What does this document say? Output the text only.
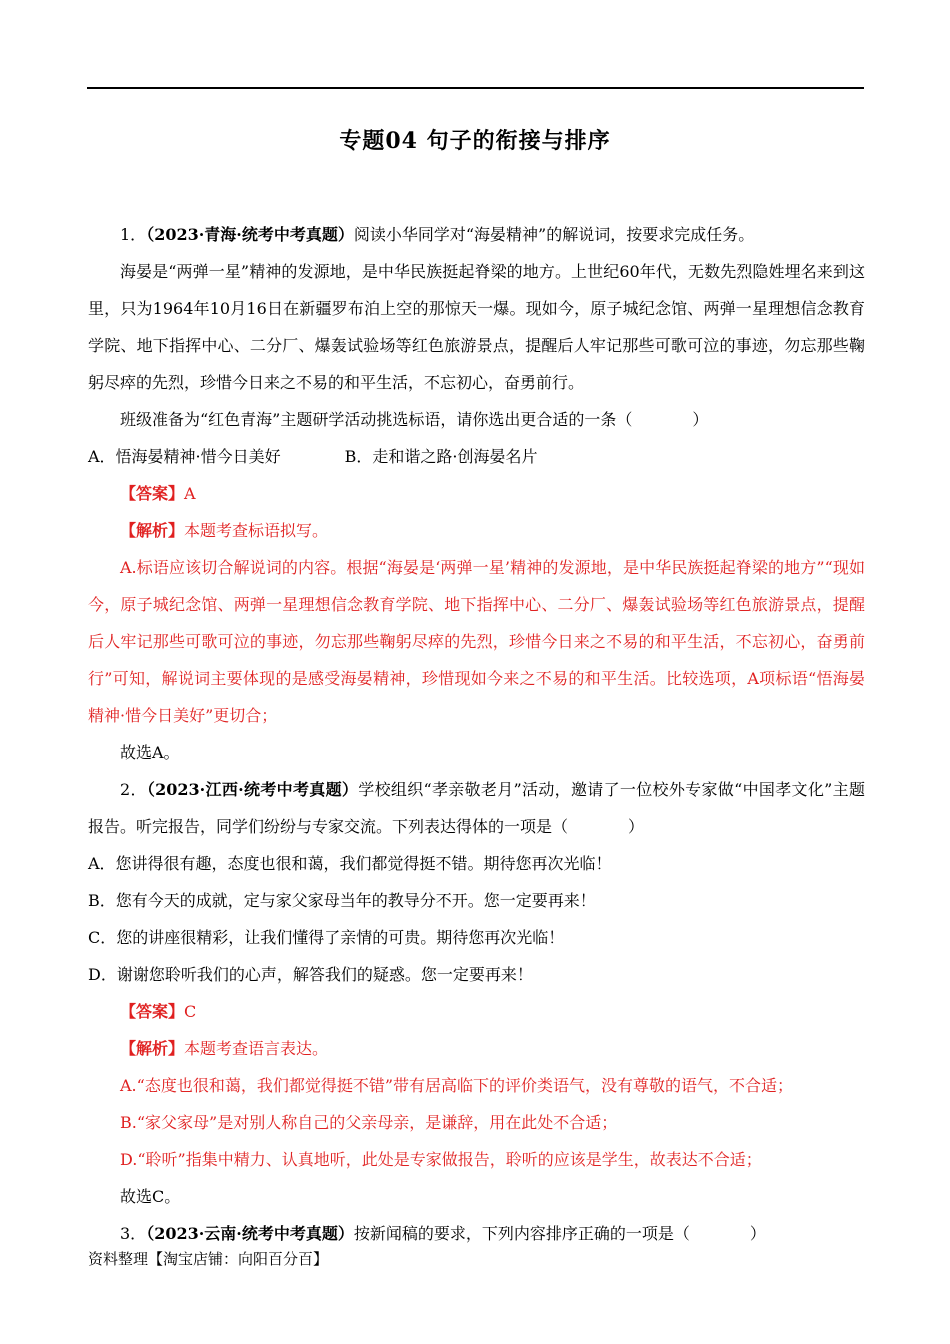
专题04 句子的衔接与排序

1．（2023·青海·统考中考真题）阅读小华同学对“海晏精神”的解说词，按要求完成任务。

海晏是“两弹一星”精神的发源地，是中华民族挺起脊梁的地方。上世纪60年代，无数先烈隐姓埋名来到这里，只为1964年10月16日在新疆罗布泊上空的那惊天一爆。现如今，原子城纪念馆、两弹一星理想信念教育学院、地下指挥中心、二分厂、爆轰试验场等红色旅游景点，提醒后人牢记那些可歌可泣的事迹，勿忘那些鞠躬尽瘁的先烈，珍惜今日来之不易的和平生活，不忘初心，奋勇前行。

班级准备为“红色青海”主题研学活动挑选标语，请你选出更合适的一条（	）

A．悟海晏精神·惜今日美好	B．走和谐之路·创海晏名片

【答案】A

【解析】本题考查标语拟写。

A.标语应该切合解说词的内容。根据“海晏是‘两弹一星’精神的发源地，是中华民族挺起脊梁的地方”“现如今，原子城纪念馆、两弹一星理想信念教育学院、地下指挥中心、二分厂、爆轰试验场等红色旅游景点，提醒后人牢记那些可歌可泣的事迹，勿忘那些鞠躬尽瘁的先烈，珍惜今日来之不易的和平生活，不忘初心，奋勇前行”可知，解说词主要体现的是感受海晏精神，珍惜现如今来之不易的和平生活。比较选项，A项标语“悟海晏精神·惜今日美好”更切合；

故选A。

2．（2023·江西·统考中考真题）学校组织“孝亲敬老月”活动，邀请了一位校外专家做“中国孝文化”主题报告。听完报告，同学们纷纷与专家交流。下列表达得体的一项是（	）

A．您讲得很有趣，态度也很和蔼，我们都觉得挺不错。期待您再次光临！

B．您有今天的成就，定与家父家母当年的教导分不开。您一定要再来！

C．您的讲座很精彩，让我们懂得了亲情的可贵。期待您再次光临！

D．谢谢您聆听我们的心声，解答我们的疑惑。您一定要再来！

【答案】C

【解析】本题考查语言表达。

A.“态度也很和蔼，我们都觉得挺不错”带有居高临下的评价类语气，没有尊敬的语气，不合适；

B.“家父家母”是对别人称自己的父亲母亲，是谦辞，用在此处不合适；

D.“聆听”指集中精力、认真地听，此处是专家做报告，聆听的应该是学生，故表达不合适；

故选C。

3．（2023·云南·统考中考真题）按新闻稿的要求，下列内容排序正确的一项是（	）

资料整理【淘宝店铺：向阳百分百】
